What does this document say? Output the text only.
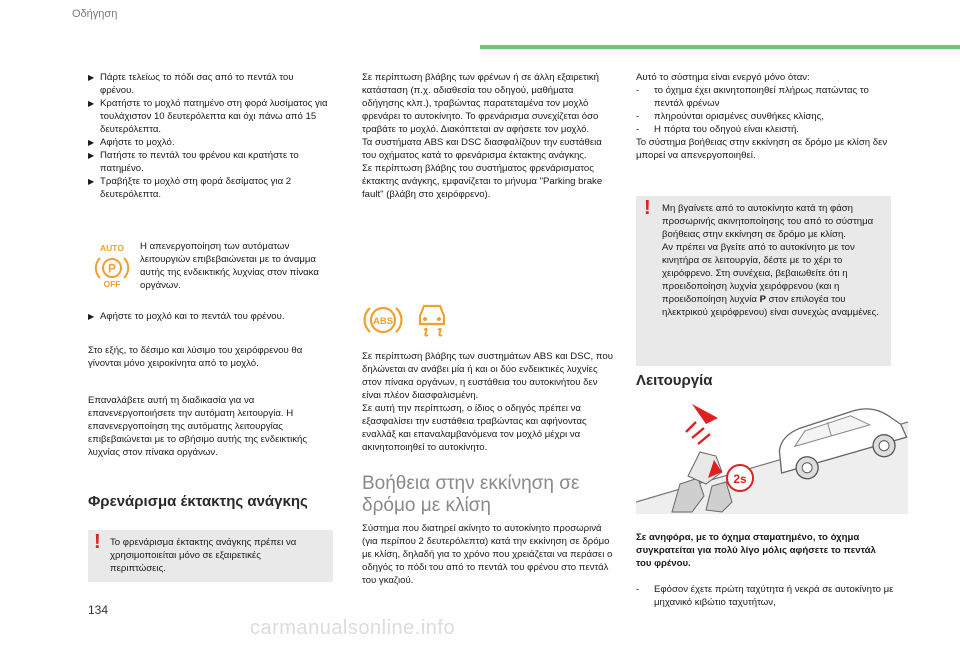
Οδήγηση
134
▶ Πάρτε τελείως το πόδι σας από το πεντάλ του φρένου.
▶ Κρατήστε το μοχλό πατημένο στη φορά λυσίματος για τουλάχιστον 10 δευτερόλεπτα και όχι πάνω από 15 δευτερόλεπτα.
▶ Αφήστε το μοχλό.
▶ Πατήστε το πεντάλ του φρένου και κρατήστε το πατημένο.
▶ Τραβήξτε το μοχλό στη φορά δεσίματος για 2 δευτερόλεπτα.
AUTO
P
OFF
Η απενεργοποίηση των αυτόματων λειτουργιών επιβεβαιώνεται με το άναμμα αυτής της ενδεικτικής λυχνίας στον πίνακα οργάνων.
▶ Αφήστε το μοχλό και το πεντάλ του φρένου.
Στο εξής, το δέσιμο και λύσιμο του χειρόφρενου θα γίνονται μόνο χειροκίνητα από το μοχλό.
Επαναλάβετε αυτή τη διαδικασία για να επανενεργοποιήσετε την αυτόματη λειτουργία. Η επανενεργοποίηση της αυτόματης λειτουργίας επιβεβαιώνεται με το σβήσιμο αυτής της ενδεικτικής λυχνίας στον πίνακα οργάνων.
Φρενάρισμα έκτακτης ανάγκης
! Το φρενάρισμα έκτακτης ανάγκης πρέπει να χρησιμοποιείται μόνο σε εξαιρετικές περιπτώσεις.
Σε περίπτωση βλάβης των φρένων ή σε άλλη εξαιρετική κατάσταση (π.χ. αδιαθεσία του οδηγού, μαθήματα οδήγησης κλπ.), τραβώντας παρατεταμένα τον μοχλό φρενάρει το αυτοκίνητο. Το φρενάρισμα συνεχίζεται όσο τραβάτε το μοχλό. Διακόπτεται αν αφήσετε τον μοχλό.
Τα συστήματα ABS και DSC διασφαλίζουν την ευστάθεια του οχήματος κατά το φρενάρισμα έκτακτης ανάγκης.
Σε περίπτωση βλάβης του συστήματος φρενάρισματος έκτακτης ανάγκης, εμφανίζεται το μήνυμα "Parking brake fault" (βλάβη στο χειρόφρενο).
ABS
Σε περίπτωση βλάβης των συστημάτων ABS και DSC, που δηλώνεται αν ανάβει μία ή και οι δύο ενδεικτικές λυχνίες στον πίνακα οργάνων, η ευστάθεια του αυτοκινήτου δεν είναι πλέον διασφαλισμένη.
Σε αυτή την περίπτωση, ο ίδιος ο οδηγός πρέπει να εξασφαλίσει την ευστάθεια τραβώντας και αφήνοντας εναλλάξ και επαναλαμβανόμενα τον μοχλό μέχρι να ακινητοποιηθεί το αυτοκίνητο.
Βοήθεια στην εκκίνηση σε δρόμο με κλίση
Σύστημα που διατηρεί ακίνητο το αυτοκίνητο προσωρινά (για περίπου 2 δευτερόλεπτα) κατά την εκκίνηση σε δρόμο με κλίση, δηλαδή για το χρόνο που χρειάζεται να περάσει ο οδηγός το πόδι του από το πεντάλ του φρένου στο πεντάλ του γκαζιού.
Αυτό το σύστημα είναι ενεργό μόνο όταν:
- το όχημα έχει ακινητοποιηθεί πλήρως πατώντας το πεντάλ φρένων
- πληρούνται ορισμένες συνθήκες κλίσης,
- Η πόρτα του οδηγού είναι κλειστή.
Το σύστημα βοήθειας στην εκκίνηση σε δρόμο με κλίση δεν μπορεί να απενεργοποιηθεί.
! Μη βγαίνετε από το αυτοκίνητο κατά τη φάση προσωρινής ακινητοποίησης του από το σύστημα βοήθειας στην εκκίνηση σε δρόμο με κλίση.
Αν πρέπει να βγείτε από το αυτοκίνητο με τον κινητήρα σε λειτουργία, δέστε με το χέρι το χειρόφρενο. Στη συνέχεια, βεβαιωθείτε ότι η προειδοποίηση λυχνία χειρόφρενου (και η προειδοποίηση λυχνία P στον επιλογέα του ηλεκτρικού χειρόφρενου) είναι συνεχώς αναμμένες.
Λειτουργία
2s
Σε ανηφόρα, με το όχημα σταματημένο, το όχημα συγκρατείται για πολύ λίγο μόλις αφήσετε το πεντάλ του φρένου.
- Εφόσον έχετε πρώτη ταχύτητα ή νεκρά σε αυτοκίνητο με μηχανικό κιβώτιο ταχυτήτων,
carmanualsonline.info
